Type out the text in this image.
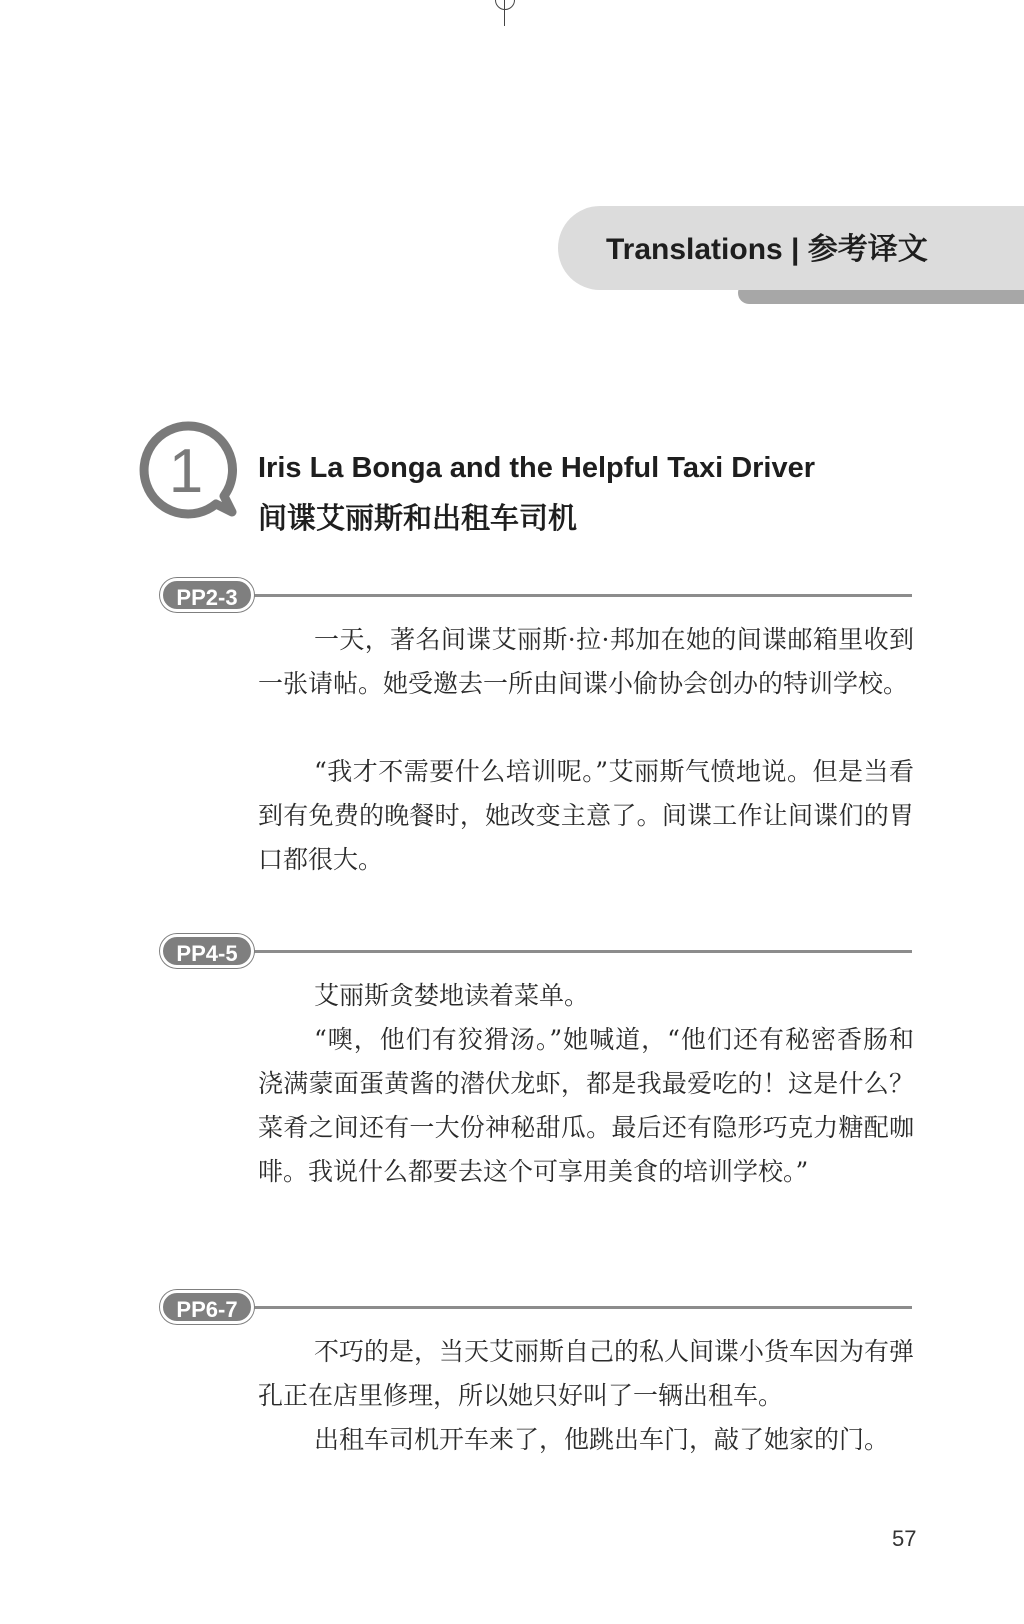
Translations | 参考译文
1 Iris La Bonga and the Helpful Taxi Driver
间谍艾丽斯和出租车司机
PP2-3

一天，著名间谍艾丽斯·拉·邦加在她的间谍邮箱里收到一张请帖。她受邀去一所由间谍小偷协会创办的特训学校。

“我才不需要什么培训呢。”艾丽斯气愤地说。但是当看到有免费的晚餐时，她改变主意了。间谍工作让间谍们的胃口都很大。

PP4-5

艾丽斯贪婪地读着菜单。

“噢，他们有狡猾汤。”她喊道，“他们还有秘密香肠和浇满蒙面蛋黄酱的潜伏龙虾，都是我最爱吃的！这是什么？菜肴之间还有一大份神秘甜瓜。最后还有隐形巧克力糖配咖啡。我说什么都要去这个可享用美食的培训学校。”

PP6-7

不巧的是，当天艾丽斯自己的私人间谍小货车因为有弹孔正在店里修理，所以她只好叫了一辆出租车。

出租车司机开车来了，他跳出车门，敲了她家的门。

57
